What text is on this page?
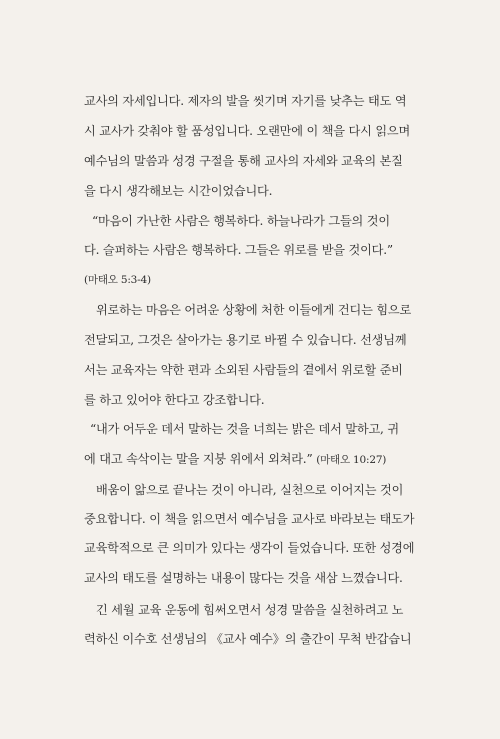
교사의 자세입니다. 제자의 발을 씻기며 자기를 낮추는 태도 역
시 교사가 갖춰야 할 품성입니다. 오랜만에 이 책을 다시 읽으며
예수님의 말씀과 성경 구절을 통해 교사의 자세와 교육의 본질
을 다시 생각해보는 시간이었습니다.
“마음이 가난한 사람은 행복하다. 하늘나라가 그들의 것이
다. 슬퍼하는 사람은 행복하다. 그들은 위로를 받을 것이다.”
(마태오 5:3-4)
위로하는 마음은 어려운 상황에 처한 이들에게 건디는 힘으로
전달되고, 그것은 살아가는 용기로 바뀔 수 있습니다. 선생님께
서는 교육자는 약한 편과 소외된 사람들의 곁에서 위로할 준비
를 하고 있어야 한다고 강조합니다.
“내가 어두운 데서 말하는 것을 너희는 밝은 데서 말하고, 귀
에 대고 속삭이는 말을 지붕 위에서 외쳐라.” (마태오 10:27)
배움이 앎으로 끝나는 것이 아니라, 실천으로 이어지는 것이
중요합니다. 이 책을 읽으면서 예수님을 교사로 바라보는 태도가
교육학적으로 큰 의미가 있다는 생각이 들었습니다. 또한 성경에
교사의 태도를 설명하는 내용이 많다는 것을 새삼 느꼈습니다.
긴 세월 교육 운동에 힘써오면서 성경 말씀을 실천하려고 노
력하신 이수호 선생님의 《교사 예수》의 출간이 무척 반갑습니
